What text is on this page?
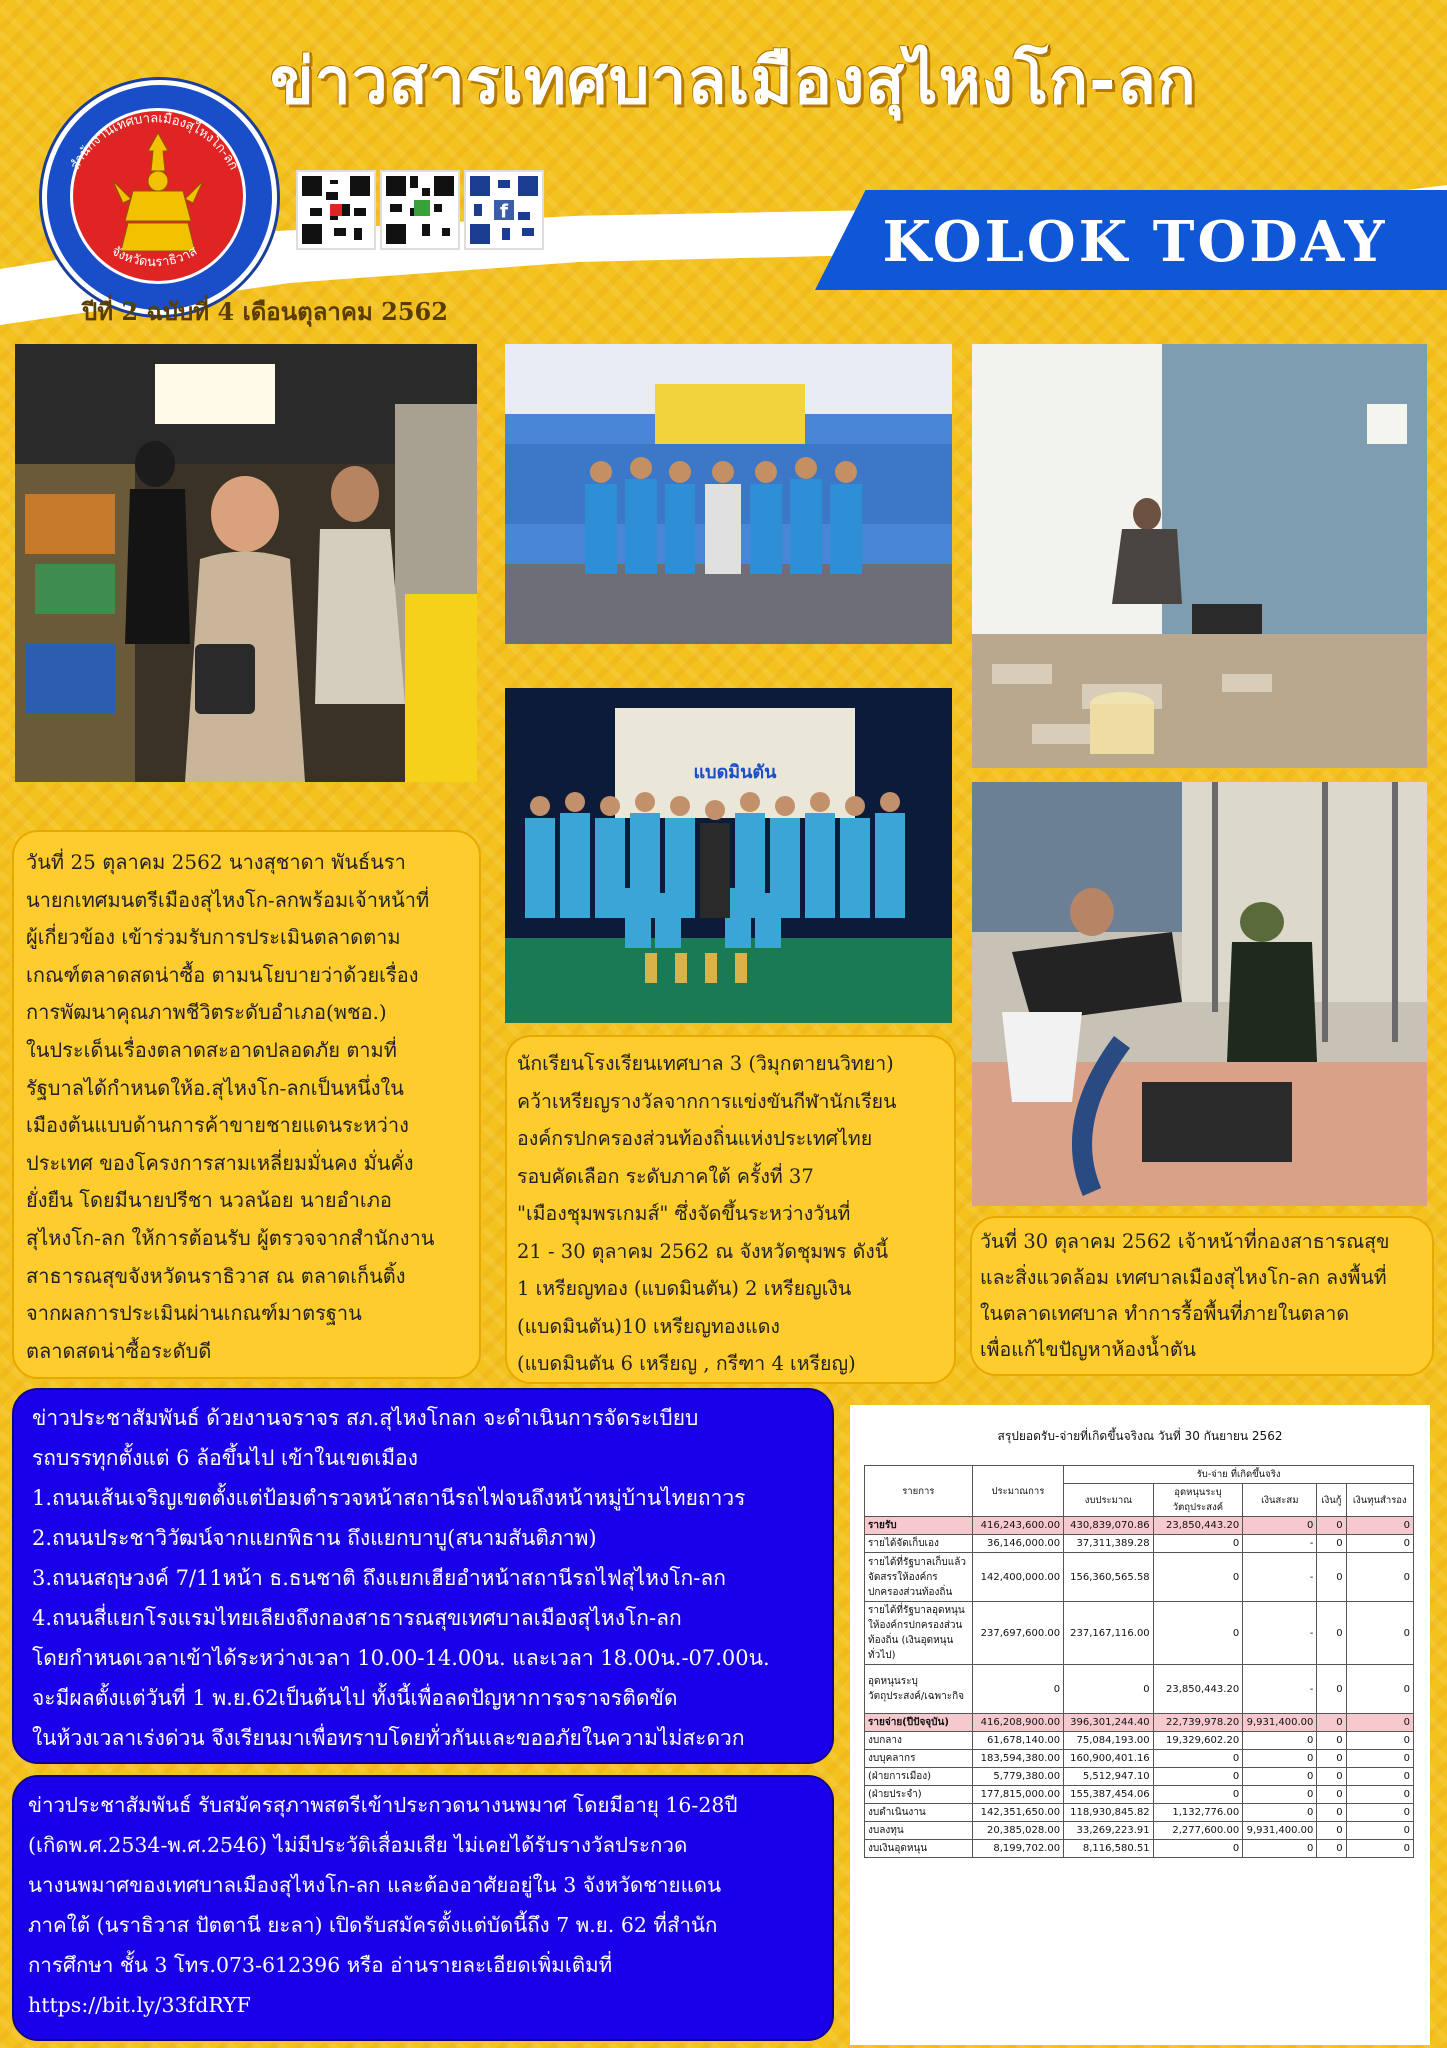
KOLOK TODAY
ข่าวสารเทศบาลเมืองสุไหงโก-ลก
สำนักงานเทศบาลเมืองสุไหงโก-ลก
จังหวัดนราธิวาส
f
ปีที่ 2 ฉบับที่ 4 เดือนตุลาคม 2562
แบดมินตัน
วันที่ 25 ตุลาคม 2562 นางสุชาดา พันธ์นรา
นายกเทศมนตรีเมืองสุไหงโก-ลกพร้อมเจ้าหน้าที่
ผู้เกี่ยวข้อง เข้าร่วมรับการประเมินตลาดตาม
เกณฑ์ตลาดสดน่าซื้อ ตามนโยบายว่าด้วยเรื่อง
การพัฒนาคุณภาพชีวิตระดับอำเภอ(พชอ.)
ในประเด็นเรื่องตลาดสะอาดปลอดภัย ตามที่
รัฐบาลได้กำหนดให้อ.สุไหงโก-ลกเป็นหนึ่งใน
เมืองต้นแบบด้านการค้าขายชายแดนระหว่าง
ประเทศ ของโครงการสามเหลี่ยมมั่นคง มั่นคั่ง
ยั่งยืน โดยมีนายปรีชา นวลน้อย นายอำเภอ
สุไหงโก-ลก ให้การต้อนรับ ผู้ตรวจจากสำนักงาน
สาธารณสุขจังหวัดนราธิวาส ณ ตลาดเก็นติ้ง
จากผลการประเมินผ่านเกณฑ์มาตรฐาน
ตลาดสดน่าซื้อระดับดี
นักเรียนโรงเรียนเทศบาล 3 (วิมุกตายนวิทยา)
คว้าเหรียญรางวัลจากการแข่งขันกีฬานักเรียน
องค์กรปกครองส่วนท้องถิ่นแห่งประเทศไทย
รอบคัดเลือก ระดับภาคใต้ ครั้งที่ 37
"เมืองชุมพรเกมส์" ซึ่งจัดขึ้นระหว่างวันที่
21 - 30 ตุลาคม 2562 ณ จังหวัดชุมพร ดังนี้
1 เหรียญทอง (แบดมินตัน) 2 เหรียญเงิน
(แบดมินตัน)10 เหรียญทองแดง
(แบดมินตัน 6 เหรียญ , กรีฑา 4 เหรียญ)
วันที่ 30 ตุลาคม 2562 เจ้าหน้าที่กองสาธารณสุข
และสิ่งแวดล้อม เทศบาลเมืองสุไหงโก-ลก ลงพื้นที่
ในตลาดเทศบาล ทำการรื้อพื้นที่ภายในตลาด
เพื่อแก้ไขปัญหาห้องน้ำตัน
ข่าวประชาสัมพันธ์ ด้วยงานจราจร สภ.สุไหงโกลก จะดำเนินการจัดระเบียบ
รถบรรทุกตั้งแต่ 6 ล้อขึ้นไป เข้าในเขตเมือง
1.ถนนเส้นเจริญเขตตั้งแต่ป้อมตำรวจหน้าสถานีรถไฟจนถึงหน้าหมู่บ้านไทยถาวร
2.ถนนประชาวิวัฒน์จากแยกพิธาน ถึงแยกบาบู(สนามสันติภาพ)
3.ถนนสฤษวงค์ 7/11หน้า ธ.ธนชาติ ถึงแยกเฮียอำหน้าสถานีรถไฟสุไหงโก-ลก
4.ถนนสี่แยกโรงแรมไทยเลียงถึงกองสาธารณสุขเทศบาลเมืองสุไหงโก-ลก
โดยกำหนดเวลาเข้าได้ระหว่างเวลา 10.00-14.00น. และเวลา 18.00น.-07.00น.
จะมีผลตั้งแต่วันที่ 1 พ.ย.62เป็นต้นไป ทั้งนี้เพื่อลดปัญหาการจราจรติดขัด
ในห้วงเวลาเร่งด่วน จึงเรียนมาเพื่อทราบโดยทั่วกันและขออภัยในความไม่สะดวก
ข่าวประชาสัมพันธ์ รับสมัครสุภาพสตรีเข้าประกวดนางนพมาศ โดยมีอายุ 16-28ปี
(เกิดพ.ศ.2534-พ.ศ.2546) ไม่มีประวัติเสื่อมเสีย ไม่เคยได้รับรางวัลประกวด
นางนพมาศของเทศบาลเมืองสุไหงโก-ลก และต้องอาศัยอยู่ใน 3 จังหวัดชายแดน
ภาคใต้ (นราธิวาส ปัตตานี ยะลา) เปิดรับสมัครตั้งแต่บัดนี้ถึง 7 พ.ย. 62 ที่สำนัก
การศึกษา ชั้น 3 โทร.073-612396 หรือ อ่านรายละเอียดเพิ่มเติมที่
https://bit.ly/33fdRYF
สรุปยอดรับ-จ่ายที่เกิดขึ้นจริงณ วันที่ 30 กันยายน 2562
รายการ	ประมาณการ	รับ-จ่าย ที่เกิดขึ้นจริง				
		งบประมาณ	อุดหนุนระบุวัตถุประสงค์	เงินสะสม	เงินกู้	เงินทุนสำรอง
รายรับ	416,243,600.00	430,839,070.86	23,850,443.20	0	0	0
รายได้จัดเก็บเอง	36,146,000.00	37,311,389.28	0	-	0	0
รายได้ที่รัฐบาลเก็บแล้วจัดสรรให้องค์กรปกครองส่วนท้องถิ่น	142,400,000.00	156,360,565.58	0	-	0	0
รายได้ที่รัฐบาลอุดหนุนให้องค์กรปกครองส่วนท้องถิ่น (เงินอุดหนุนทั่วไป)	237,697,600.00	237,167,116.00	0	-	0	0
อุดหนุนระบุวัตถุประสงค์/เฉพาะกิจ	0	0	23,850,443.20	-	0	0
รายจ่าย(ปีปัจจุบัน)	416,208,900.00	396,301,244.40	22,739,978.20	9,931,400.00	0	0
งบกลาง	61,678,140.00	75,084,193.00	19,329,602.20	0	0	0
งบบุคลากร	183,594,380.00	160,900,401.16	0	0	0	0
(ฝ่ายการเมือง)	5,779,380.00	5,512,947.10	0	0	0	0
(ฝ่ายประจำ)	177,815,000.00	155,387,454.06	0	0	0	0
งบดำเนินงาน	142,351,650.00	118,930,845.82	1,132,776.00	0	0	0
งบลงทุน	20,385,028.00	33,269,223.91	2,277,600.00	9,931,400.00	0	0
งบเงินอุดหนุน	8,199,702.00	8,116,580.51	0	0	0	0
